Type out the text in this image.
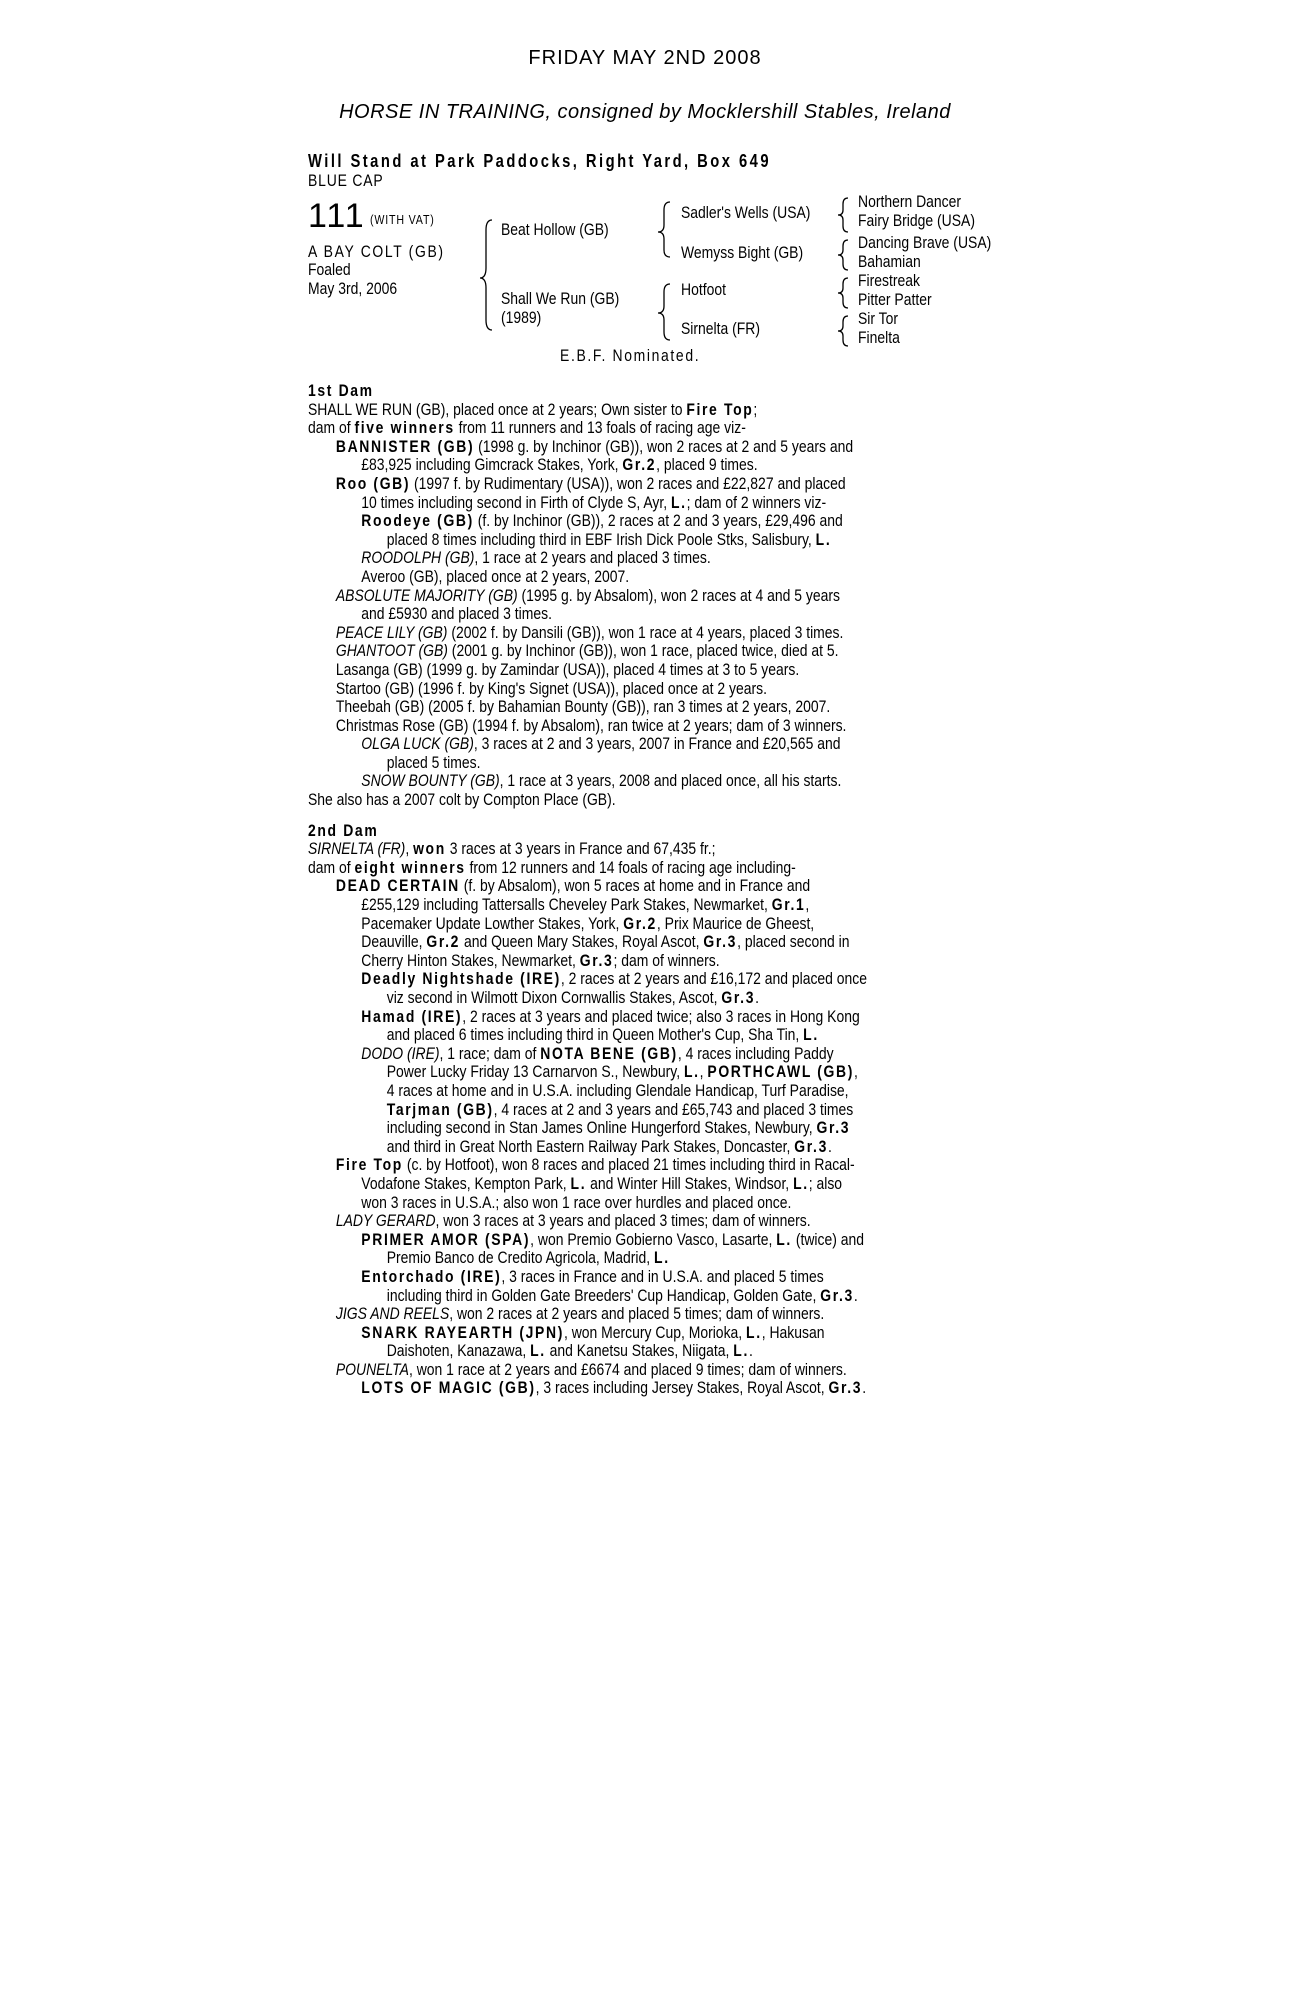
FRIDAY MAY 2ND 2008
HORSE IN TRAINING, consigned by Mocklershill Stables, Ireland
Will Stand at Park Paddocks, Right Yard, Box 649
BLUE CAP
111 (WITH VAT)
A BAY COLT (GB)
Foaled
May 3rd, 2006
Beat Hollow (GB)
Shall We Run (GB)
(1989)
Sadler's Wells (USA)
Wemyss Bight (GB)
Hotfoot
Sirnelta (FR)
Northern Dancer
Fairy Bridge (USA)
Dancing Brave (USA)
Bahamian
Firestreak
Pitter Patter
Sir Tor
Finelta
E.B.F. Nominated.
1st Dam
SHALL WE RUN (GB), placed once at 2 years; Own sister to Fire Top;
dam of five winners from 11 runners and 13 foals of racing age viz-
BANNISTER (GB) (1998 g. by Inchinor (GB)), won 2 races at 2 and 5 years and
£83,925 including Gimcrack Stakes, York, Gr.2, placed 9 times.
Roo (GB) (1997 f. by Rudimentary (USA)), won 2 races and £22,827 and placed
10 times including second in Firth of Clyde S, Ayr, L.; dam of 2 winners viz-
Roodeye (GB) (f. by Inchinor (GB)), 2 races at 2 and 3 years, £29,496 and
placed 8 times including third in EBF Irish Dick Poole Stks, Salisbury, L.
ROODOLPH (GB), 1 race at 2 years and placed 3 times.
Averoo (GB), placed once at 2 years, 2007.
ABSOLUTE MAJORITY (GB) (1995 g. by Absalom), won 2 races at 4 and 5 years
and £5930 and placed 3 times.
PEACE LILY (GB) (2002 f. by Dansili (GB)), won 1 race at 4 years, placed 3 times.
GHANTOOT (GB) (2001 g. by Inchinor (GB)), won 1 race, placed twice, died at 5.
Lasanga (GB) (1999 g. by Zamindar (USA)), placed 4 times at 3 to 5 years.
Startoo (GB) (1996 f. by King's Signet (USA)), placed once at 2 years.
Theebah (GB) (2005 f. by Bahamian Bounty (GB)), ran 3 times at 2 years, 2007.
Christmas Rose (GB) (1994 f. by Absalom), ran twice at 2 years; dam of 3 winners.
OLGA LUCK (GB), 3 races at 2 and 3 years, 2007 in France and £20,565 and
placed 5 times.
SNOW BOUNTY (GB), 1 race at 3 years, 2008 and placed once, all his starts.
She also has a 2007 colt by Compton Place (GB).
2nd Dam
SIRNELTA (FR), won 3 races at 3 years in France and 67,435 fr.;
dam of eight winners from 12 runners and 14 foals of racing age including-
DEAD CERTAIN (f. by Absalom), won 5 races at home and in France and
£255,129 including Tattersalls Cheveley Park Stakes, Newmarket, Gr.1,
Pacemaker Update Lowther Stakes, York, Gr.2, Prix Maurice de Gheest,
Deauville, Gr.2 and Queen Mary Stakes, Royal Ascot, Gr.3, placed second in
Cherry Hinton Stakes, Newmarket, Gr.3; dam of winners.
Deadly Nightshade (IRE), 2 races at 2 years and £16,172 and placed once
viz second in Wilmott Dixon Cornwallis Stakes, Ascot, Gr.3.
Hamad (IRE), 2 races at 3 years and placed twice; also 3 races in Hong Kong
and placed 6 times including third in Queen Mother's Cup, Sha Tin, L.
DODO (IRE), 1 race; dam of NOTA BENE (GB), 4 races including Paddy
Power Lucky Friday 13 Carnarvon S., Newbury, L., PORTHCAWL (GB),
4 races at home and in U.S.A. including Glendale Handicap, Turf Paradise,
Tarjman (GB), 4 races at 2 and 3 years and £65,743 and placed 3 times
including second in Stan James Online Hungerford Stakes, Newbury, Gr.3
and third in Great North Eastern Railway Park Stakes, Doncaster, Gr.3.
Fire Top (c. by Hotfoot), won 8 races and placed 21 times including third in Racal-
Vodafone Stakes, Kempton Park, L. and Winter Hill Stakes, Windsor, L.; also
won 3 races in U.S.A.; also won 1 race over hurdles and placed once.
LADY GERARD, won 3 races at 3 years and placed 3 times; dam of winners.
PRIMER AMOR (SPA), won Premio Gobierno Vasco, Lasarte, L. (twice) and
Premio Banco de Credito Agricola, Madrid, L.
Entorchado (IRE), 3 races in France and in U.S.A. and placed 5 times
including third in Golden Gate Breeders' Cup Handicap, Golden Gate, Gr.3.
JIGS AND REELS, won 2 races at 2 years and placed 5 times; dam of winners.
SNARK RAYEARTH (JPN), won Mercury Cup, Morioka, L., Hakusan
Daishoten, Kanazawa, L. and Kanetsu Stakes, Niigata, L..
POUNELTA, won 1 race at 2 years and £6674 and placed 9 times; dam of winners.
LOTS OF MAGIC (GB), 3 races including Jersey Stakes, Royal Ascot, Gr.3.
